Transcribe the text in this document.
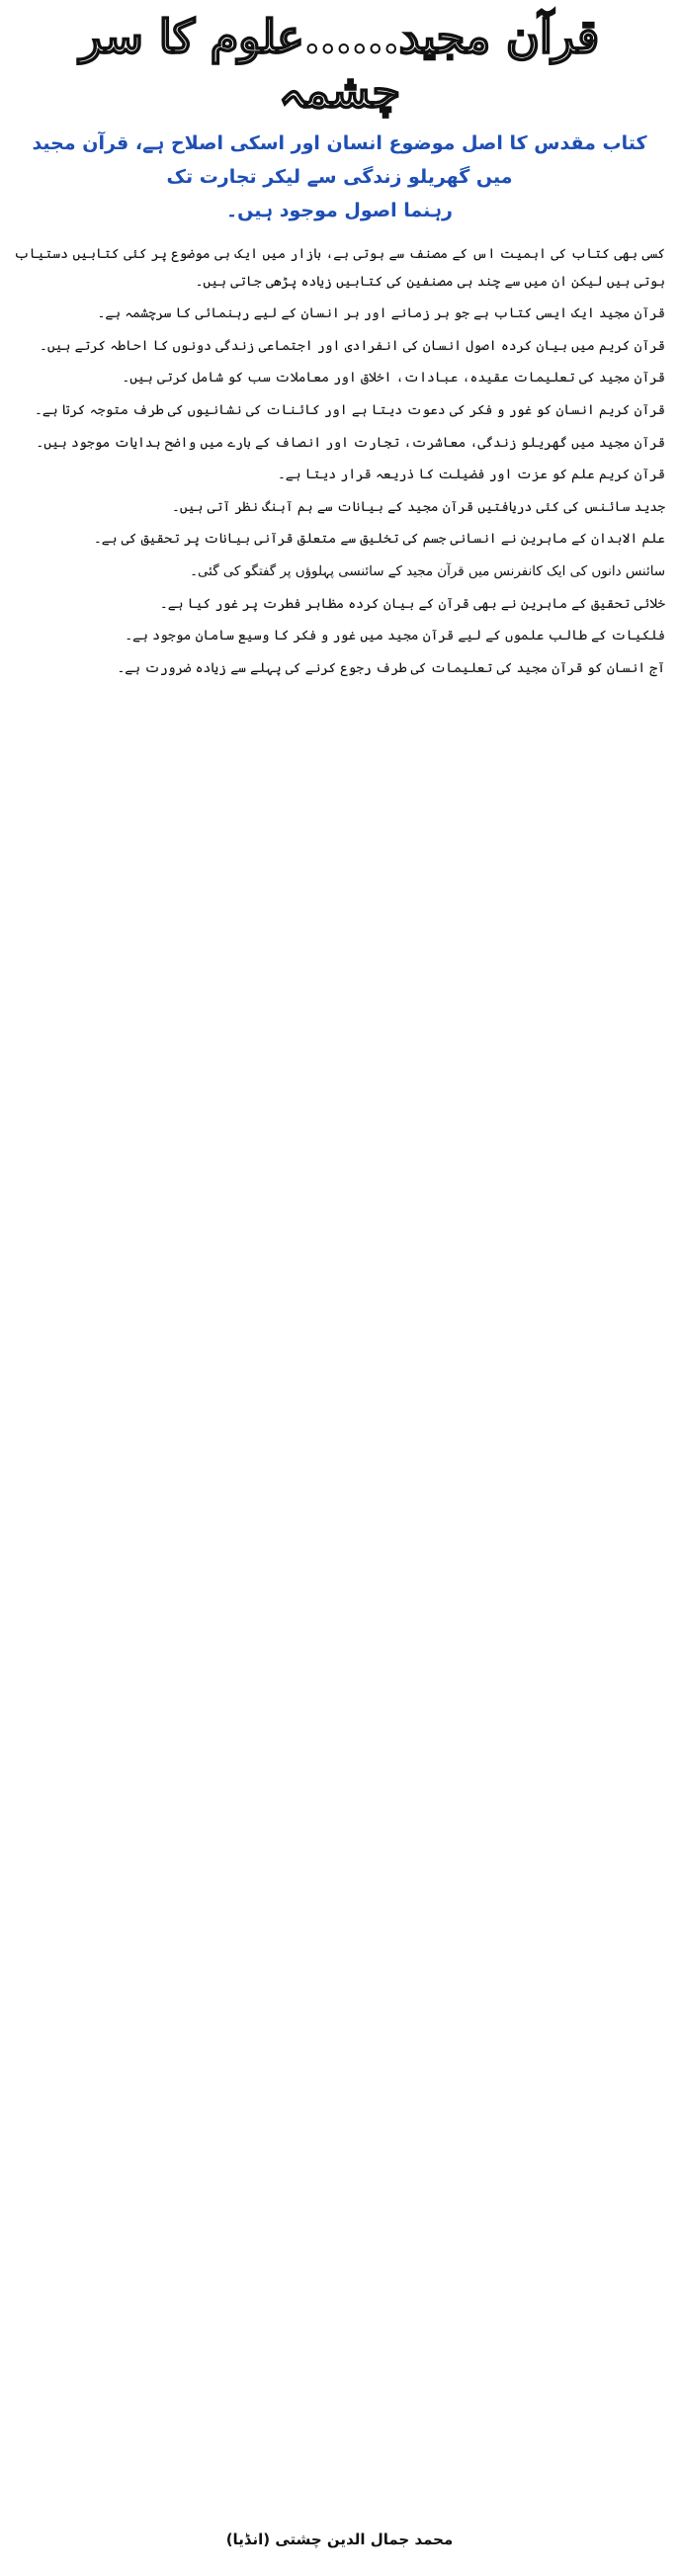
قرآن مجید......علوم کا سر چشمہ
کتاب مقدس کا اصل موضوع انسان اور اسکی اصلاح ہے، قرآن مجید میں گھریلو زندگی سے لیکر تجارت تک
رہنما اصول موجود ہیں۔

کسی بھی کتاب کی اہمیت اس کے مصنف سے ہوتی ہے، بازار میں ایک ہی موضوع پر کئی کتابیں دستیاب ہوتی ہیں لیکن ان میں سے چند ہی مصنفین کی کتابیں زیادہ پڑھی جاتی ہیں۔

قرآن مجید ایک ایسی کتاب ہے جو ہر زمانے اور ہر انسان کے لیے رہنمائی کا سرچشمہ ہے۔

قرآن کریم میں بیان کردہ اصول انسان کی انفرادی اور اجتماعی زندگی دونوں کا احاطہ کرتے ہیں۔

قرآن مجید کی تعلیمات عقیدہ، عبادات، اخلاق اور معاملات سب کو شامل کرتی ہیں۔

قرآن کریم انسان کو غور و فکر کی دعوت دیتا ہے اور کائنات کی نشانیوں کی طرف متوجہ کرتا ہے۔

قرآن مجید میں گھریلو زندگی، معاشرت، تجارت اور انصاف کے بارے میں واضح ہدایات موجود ہیں۔

قرآن کریم علم کو عزت اور فضیلت کا ذریعہ قرار دیتا ہے۔

جدید سائنس کی کئی دریافتیں قرآن مجید کے بیانات سے ہم آہنگ نظر آتی ہیں۔

علم الابدان کے ماہرین نے انسانی جسم کی تخلیق سے متعلق قرآنی بیانات پر تحقیق کی ہے۔

سائنس دانوں کی ایک کانفرنس میں قرآن مجید کے سائنسی پہلوؤں پر گفتگو کی گئی۔

خلائی تحقیق کے ماہرین نے بھی قرآن کے بیان کردہ مظاہر فطرت پر غور کیا ہے۔

فلکیات کے طالب علموں کے لیے قرآن مجید میں غور و فکر کا وسیع سامان موجود ہے۔

آج انسان کو قرآن مجید کی تعلیمات کی طرف رجوع کرنے کی پہلے سے زیادہ ضرورت ہے۔

محمد جمال الدین چشتی (انڈیا)
